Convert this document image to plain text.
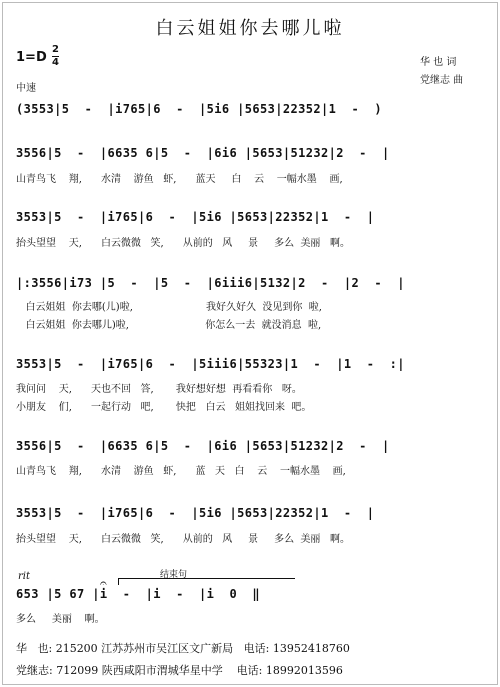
白云姐姐你去哪儿啦
华 也 词
党继志 曲
1=D
2
4
中速
(3553|5  -  |i765|6  -  |5i6 |5653|22352|1  -  )
3556|5  -  |6635 6|5  -  |6i6 |5653|51232|2  -  |
山青鸟飞    翔,      水清    游鱼   虾,      蓝天     白    云    一幅水墨    画,
3553|5  -  |i765|6  -  |5i6 |5653|22352|1  -  |
抬头望望    天,      白云微微   笑,      从前的   风     景     多么  美丽   啊。
|:3556|i73 |5  -  |5  -  |6iii6|5132|2  -  |2  -  |
白云姐姐  你去哪(儿)啦,                       我好久好久  没见到你  啦,
白云姐姐  你去哪儿)啦,                        你怎么一去  就没消息  啦,
3553|5  -  |i765|6  -  |5iii6|55323|1  -  |1  -  :|
我问问    天,      天也不回   答,       我好想好想  再看看你   呀。
小朋友    们,      一起行动   吧,       快把   白云   姐姐找回来  吧。
3556|5  -  |6635 6|5  -  |6i6 |5653|51232|2  -  |
山青鸟飞    翔,      水清    游鱼   虾,      蓝   天   白    云    一幅水墨    画,
3553|5  -  |i765|6  -  |5i6 |5653|22352|1  -  |
抬头望望    天,      白云微微   笑,      从前的   风     景     多么  美丽   啊。
rit	𝄐
结束句
653 |5 67 |i  -  |i  -  |i  0  ‖
多么     美丽    啊。
华   也: 215200 江苏苏州市吴江区文广新局   电话: 13952418760
党继志: 712099 陕西咸阳市渭城华星中学    电话: 18992013596
